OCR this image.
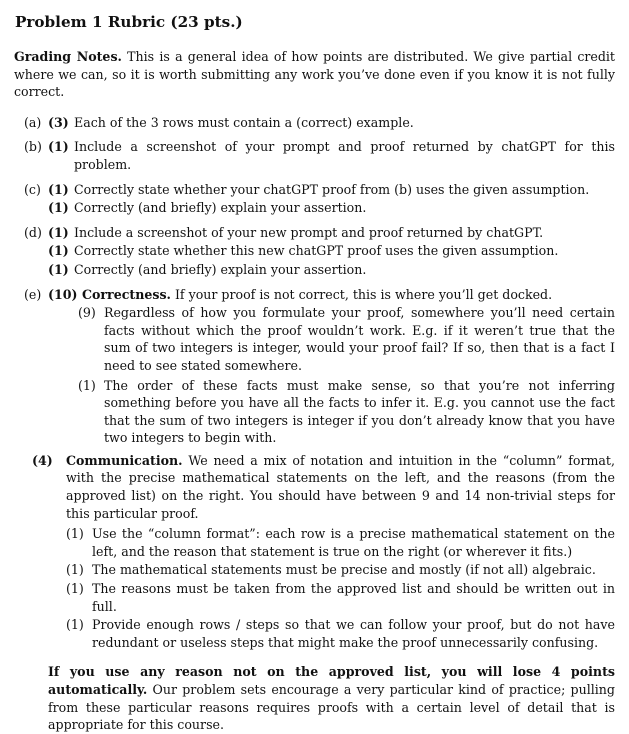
Problem 1 Rubric (23 pts.)
Grading Notes. This is a general idea of how points are distributed. We give partial credit where we can, so it is worth submitting any work you’ve done even if you know it is not fully correct.
(a) (3) Each of the 3 rows must contain a (correct) example.
(b) (1) Include a screenshot of your prompt and proof returned by chatGPT for this problem.
(c) (1) Correctly state whether your chatGPT proof from (b) uses the given assumption.
(1) Correctly (and briefly) explain your assertion.
(d) (1) Include a screenshot of your new prompt and proof returned by chatGPT.
(1) Correctly state whether this new chatGPT proof uses the given assumption.
(1) Correctly (and briefly) explain your assertion.
(e) (10) Correctness. If your proof is not correct, this is where you’ll get docked.
(9) Regardless of how you formulate your proof, somewhere you’ll need certain facts without which the proof wouldn’t work. E.g. if it weren’t true that the sum of two integers is integer, would your proof fail? If so, then that is a fact I need to see stated somewhere.
(1) The order of these facts must make sense, so that you’re not inferring something before you have all the facts to infer it. E.g. you cannot use the fact that the sum of two integers is integer if you don’t already know that you have two integers to begin with.
(4)	Communication. We need a mix of notation and intuition in the “column” format, with the precise mathematical statements on the left, and the reasons (from the approved list) on the right. You should have between 9 and 14 non-trivial steps for this particular proof.
(1) Use the “column format”: each row is a precise mathematical statement on the left, and the reason that statement is true on the right (or wherever it fits.)
(1) The mathematical statements must be precise and mostly (if not all) algebraic.
(1) The reasons must be taken from the approved list and should be written out in full.
(1) Provide enough rows / steps so that we can follow your proof, but do not have redundant or useless steps that might make the proof unnecessarily confusing.
If you use any reason not on the approved list, you will lose 4 points automatically. Our problem sets encourage a very particular kind of practice; pulling from these particular reasons requires proofs with a certain level of detail that is appropriate for this course.
